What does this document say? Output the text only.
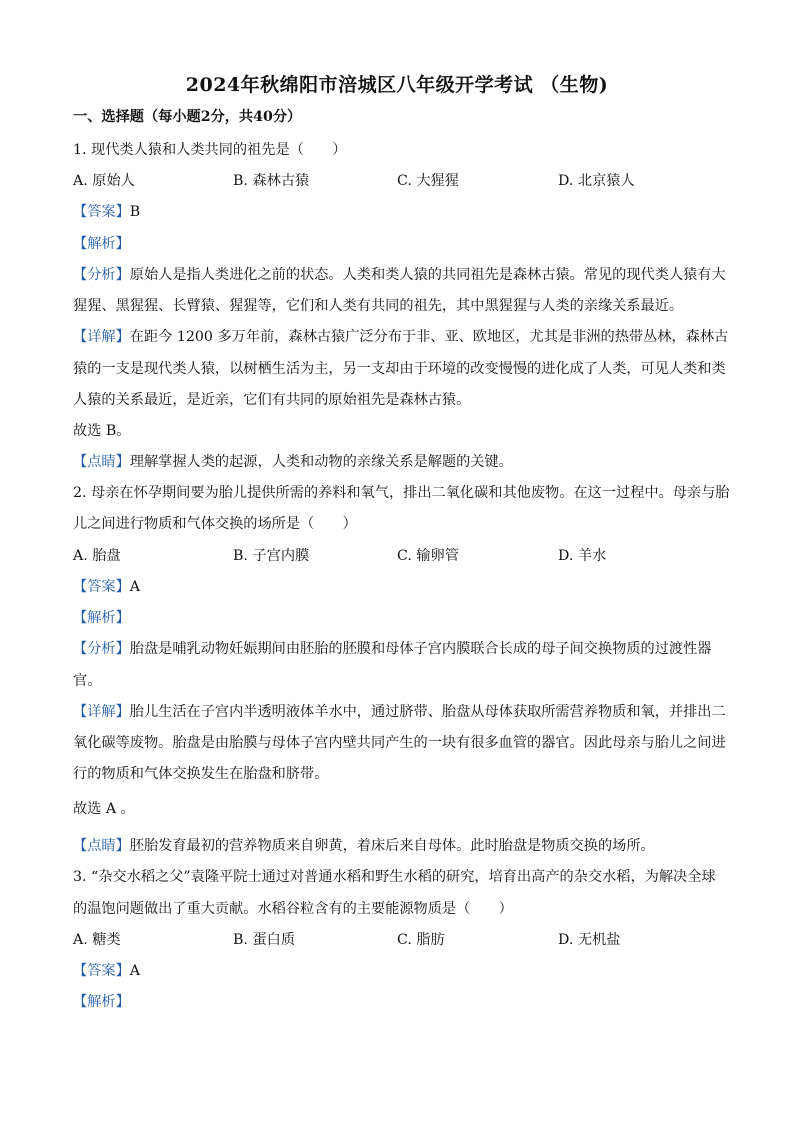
2024年秋绵阳市涪城区八年级开学考试 （生物)
一、选择题（每小题2分，共40分）
1. 现代类人猿和人类共同的祖先是（　　）
A. 原始人	B. 森林古猿	C. 大猩猩	D. 北京猿人
【答案】B
【解析】
【分析】原始人是指人类进化之前的状态。人类和类人猿的共同祖先是森林古猿。常见的现代类人猿有大
猩猩、黑猩猩、长臂猿、猩猩等，它们和人类有共同的祖先，其中黑猩猩与人类的亲缘关系最近。
【详解】在距今 1200 多万年前，森林古猿广泛分布于非、亚、欧地区，尤其是非洲的热带丛林，森林古
猿的一支是现代类人猿，以树栖生活为主，另一支却由于环境的改变慢慢的进化成了人类，可见人类和类
人猿的关系最近，是近亲，它们有共同的原始祖先是森林古猿。
故选 B。
【点睛】理解掌握人类的起源，人类和动物的亲缘关系是解题的关键。
2. 母亲在怀孕期间要为胎儿提供所需的养料和氧气，排出二氧化碳和其他废物。在这一过程中。母亲与胎
儿之间进行物质和气体交换的场所是（　　）
A. 胎盘	B. 子宫内膜	C. 输卵管	D. 羊水
【答案】A
【解析】
【分析】胎盘是哺乳动物妊娠期间由胚胎的胚膜和母体子宫内膜联合长成的母子间交换物质的过渡性器
官。
【详解】胎儿生活在子宫内半透明液体羊水中，通过脐带、胎盘从母体获取所需营养物质和氧，并排出二
氧化碳等废物。胎盘是由胎膜与母体子宫内壁共同产生的一块有很多血管的器官。因此母亲与胎儿之间进
行的物质和气体交换发生在胎盘和脐带。
故选 A 。
【点睛】胚胎发育最初的营养物质来自卵黄，着床后来自母体。此时胎盘是物质交换的场所。
3. “杂交水稻之父”袁隆平院士通过对普通水稻和野生水稻的研究，培育出高产的杂交水稻，为解决全球
的温饱问题做出了重大贡献。水稻谷粒含有的主要能源物质是（　　）
A. 糖类	B. 蛋白质	C. 脂肪	D. 无机盐
【答案】A
【解析】
